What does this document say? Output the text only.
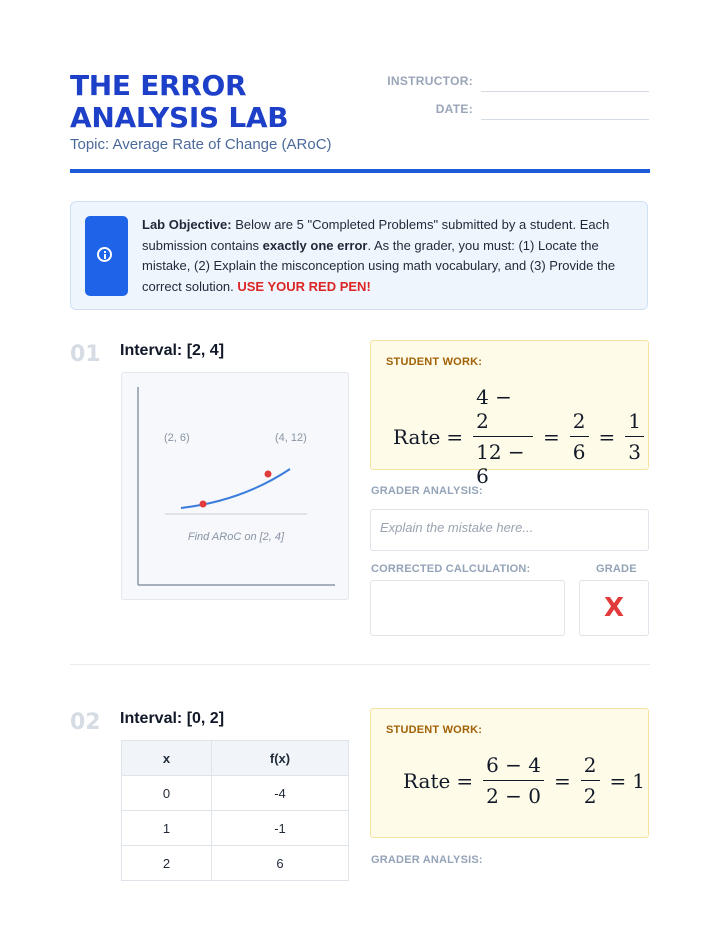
THE ERROR ANALYSIS LAB
Topic: Average Rate of Change (ARoC)
INSTRUCTOR:
DATE:
Lab Objective: Below are 5 "Completed Problems" submitted by a student. Each submission contains exactly one error. As the grader, you must: (1) Locate the mistake, (2) Explain the misconception using math vocabulary, and (3) Provide the correct solution. USE YOUR RED PEN!
01 Interval: [2, 4]
(2, 6)	(4, 12)
Find ARoC on [2, 4]
STUDENT WORK:
Rate = $\frac{4 - 2}{12 - 6} = \frac{2}{6} = \frac{1}{3}$
GRADER ANALYSIS:
Explain the mistake here...
CORRECTED CALCULATION:	GRADE
X
02 Interval: [0, 2]
x	f(x)
0	-4
1	-1
2	6
STUDENT WORK:
Rate = $\frac{6 - 4}{2 - 0} = \frac{2}{2} = 1$
GRADER ANALYSIS:
